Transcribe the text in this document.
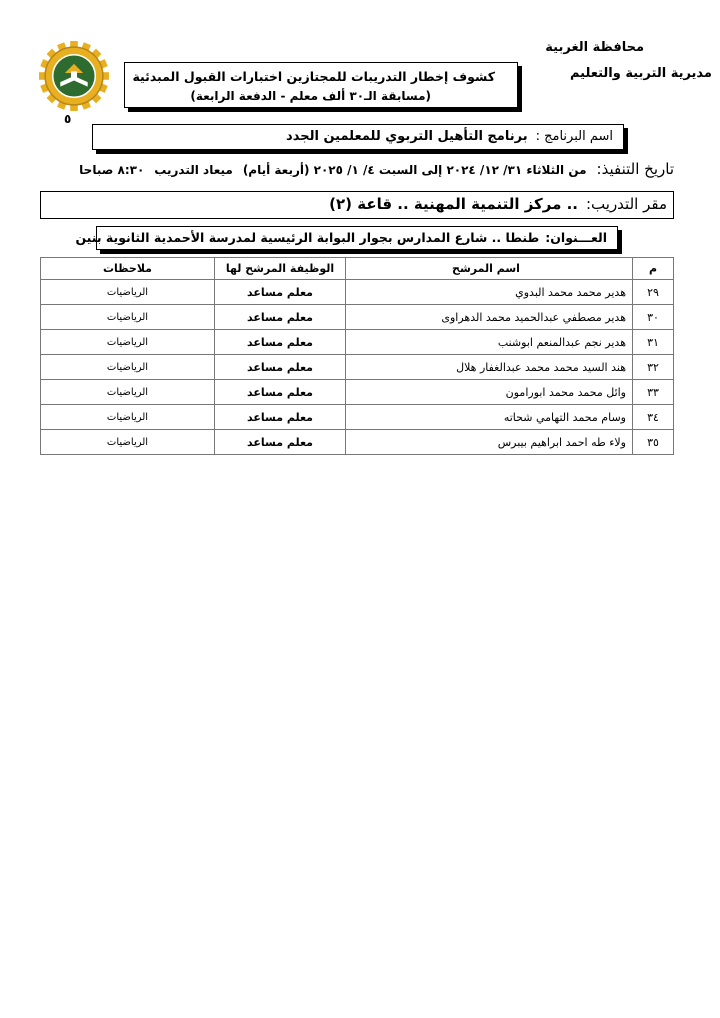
٥
محافظة الغربية
مديرية التربية والتعليم
كشوف إخطار التدريبات للمجتازين اختبارات القبول المبدئية
(مسابقة الـ٣٠ ألف معلم - الدفعة الرابعة)
اسم البرنامج :
برنامج التأهيل التربوي للمعلمين الجدد
تاريخ التنفيذ:
من الثلاثاء ٣١/ ١٢/ ٢٠٢٤ إلى السبت ٤/ ١/ ٢٠٢٥ (أربعة أيام)
ميعاد التدريب
٨:٣٠ صباحا
مقر التدريب:
.. مركز التنمية المهنية .. قاعة (٢)
العـــنوان:
طنطا .. شارع المدارس بجوار البوابة الرئيسية لمدرسة الأحمدية الثانوية بنين
م	اسم المرشح	الوظيفة المرشح لها	ملاحظات
٢٩	هدير محمد محمد البدوي	معلم مساعد	الرياضيات
٣٠	هدير مصطفي عبدالحميد محمد الدهراوى	معلم مساعد	الرياضيات
٣١	هدير نجم عبدالمنعم ابوشنب	معلم مساعد	الرياضيات
٣٢	هند السيد محمد محمد عبدالغفار هلال	معلم مساعد	الرياضيات
٣٣	وائل محمد محمد ابورامون	معلم مساعد	الرياضيات
٣٤	وسام محمد التهامي شحاته	معلم مساعد	الرياضيات
٣٥	ولاء طه احمد ابراهيم بيبرس	معلم مساعد	الرياضيات
